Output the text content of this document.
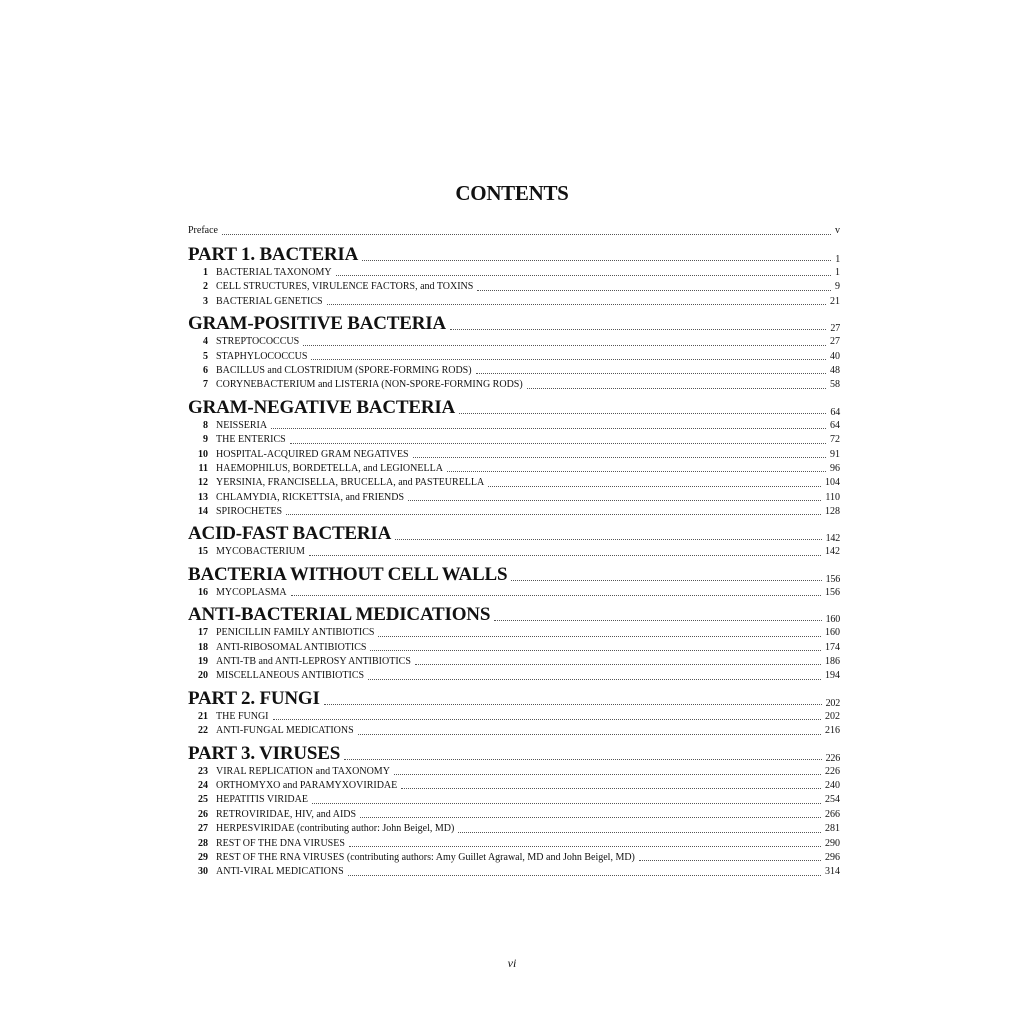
CONTENTS
Preface	v
PART 1. BACTERIA	1
1 BACTERIAL TAXONOMY	1
2 CELL STRUCTURES, VIRULENCE FACTORS, and TOXINS	9
3 BACTERIAL GENETICS	21
GRAM-POSITIVE BACTERIA	27
4 STREPTOCOCCUS	27
5 STAPHYLOCOCCUS	40
6 BACILLUS and CLOSTRIDIUM (SPORE-FORMING RODS)	48
7 CORYNEBACTERIUM and LISTERIA (NON-SPORE-FORMING RODS)	58
GRAM-NEGATIVE BACTERIA	64
8 NEISSERIA	64
9 THE ENTERICS	72
10 HOSPITAL-ACQUIRED GRAM NEGATIVES	91
11 HAEMOPHILUS, BORDETELLA, and LEGIONELLA	96
12 YERSINIA, FRANCISELLA, BRUCELLA, and PASTEURELLA	104
13 CHLAMYDIA, RICKETTSIA, and FRIENDS	110
14 SPIROCHETES	128
ACID-FAST BACTERIA	142
15 MYCOBACTERIUM	142
BACTERIA WITHOUT CELL WALLS	156
16 MYCOPLASMA	156
ANTI-BACTERIAL MEDICATIONS	160
17 PENICILLIN FAMILY ANTIBIOTICS	160
18 ANTI-RIBOSOMAL ANTIBIOTICS	174
19 ANTI-TB and ANTI-LEPROSY ANTIBIOTICS	186
20 MISCELLANEOUS ANTIBIOTICS	194
PART 2. FUNGI	202
21 THE FUNGI	202
22 ANTI-FUNGAL MEDICATIONS	216
PART 3. VIRUSES	226
23 VIRAL REPLICATION and TAXONOMY	226
24 ORTHOMYXO and PARAMYXOVIRIDAE	240
25 HEPATITIS VIRIDAE	254
26 RETROVIRIDAE, HIV, and AIDS	266
27 HERPESVIRIDAE (contributing author: John Beigel, MD)	281
28 REST OF THE DNA VIRUSES	290
29 REST OF THE RNA VIRUSES (contributing authors: Amy Guillet Agrawal, MD and John Beigel, MD)	296
30 ANTI-VIRAL MEDICATIONS	314
vi
